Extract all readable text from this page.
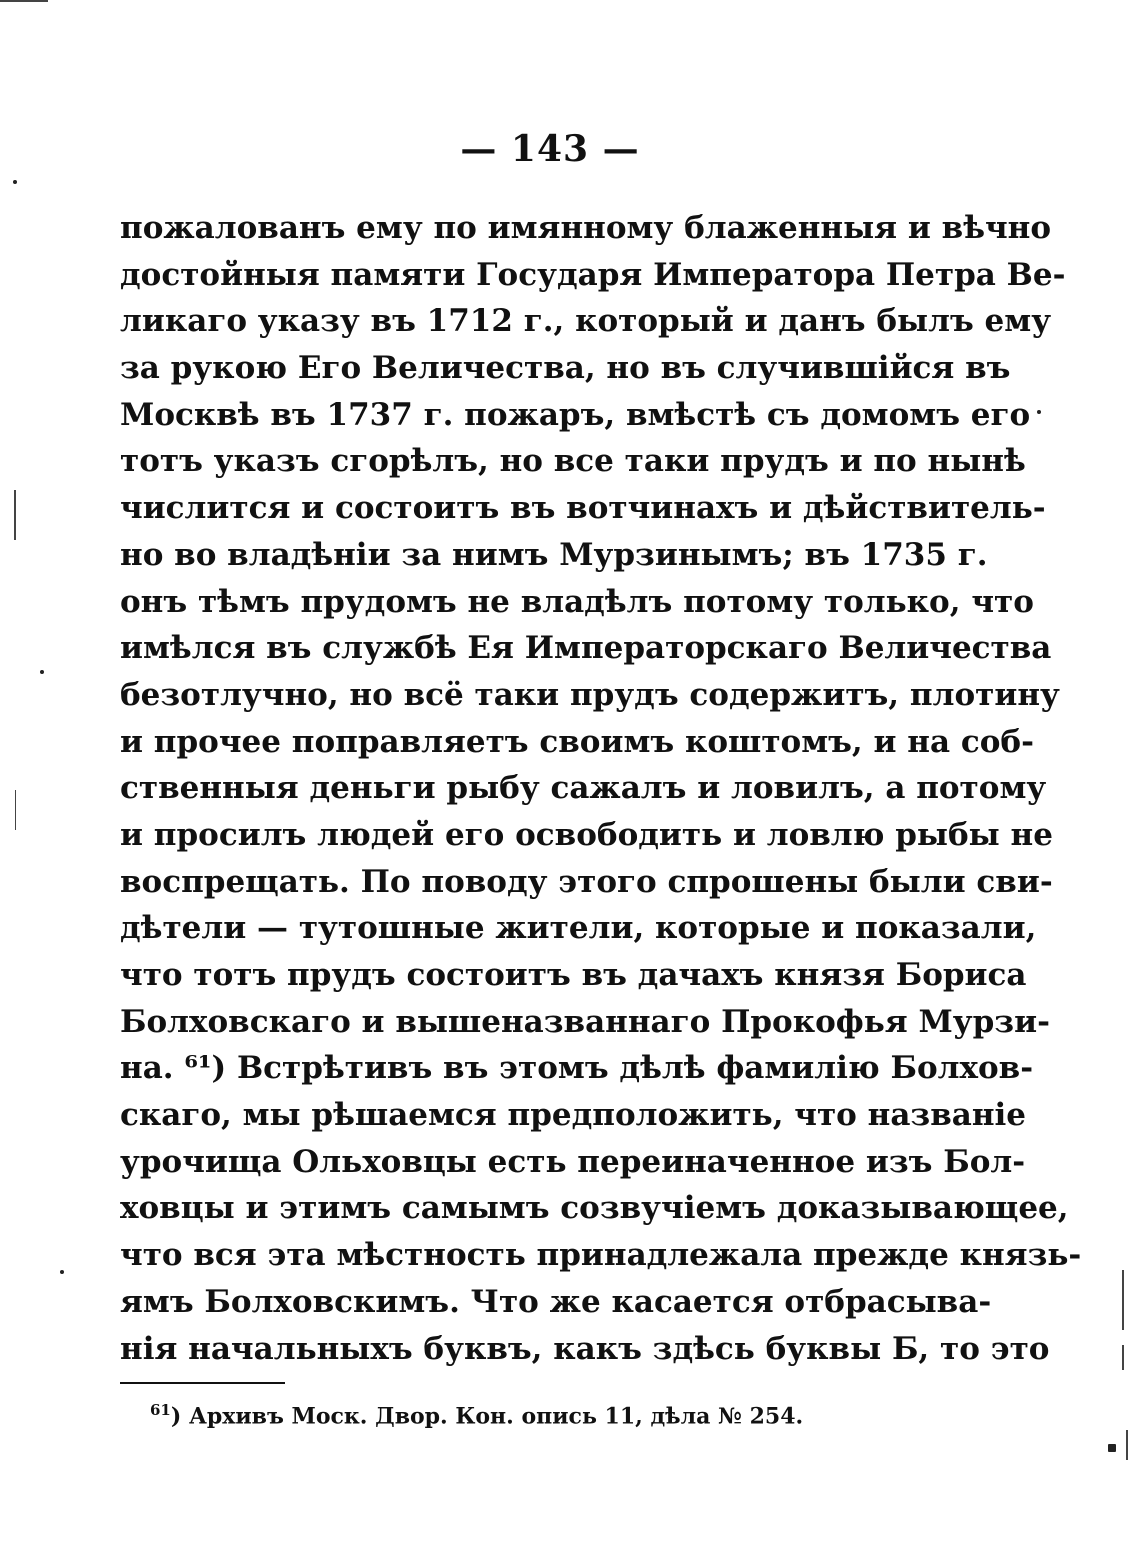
— 143 —
пожалованъ ему по имянному блаженныя и вѣчно
достойныя памяти Государя Императора Петра Ве-
ликаго указу въ 1712 г., который и данъ былъ ему
за рукою Его Величества, но въ случившiйся въ
Москвѣ въ 1737 г. пожаръ, вмѣстѣ съ домомъ его
тотъ указъ сгорѣлъ, но все таки прудъ и по нынѣ
числится и состоитъ въ вотчинахъ и дѣйствитель-
но во владѣнiи за нимъ Мурзинымъ; въ 1735 г.
онъ тѣмъ прудомъ не владѣлъ потому только, что
имѣлся въ службѣ Ея Императорскаго Величества
безотлучно, но всё таки прудъ содержитъ, плотину
и прочее поправляетъ своимъ коштомъ, и на соб-
ственныя деньги рыбу сажалъ и ловилъ, а потому
и просилъ людей его освободить и ловлю рыбы не
воспрещать. По поводу этого спрошены были сви-
дѣтели — тутошные жители, которые и показали,
что тотъ прудъ состоитъ въ дачахъ князя Бориса
Болховскаго и вышеназваннаго Прокофья Мурзи-
на. ⁶¹) Встрѣтивъ въ этомъ дѣлѣ фамилiю Болхов-
скаго, мы рѣшаемся предположить, что названiе
урочища Ольховцы есть переиначенное изъ Бол-
ховцы и этимъ самымъ созвучiемъ доказывающее,
что вся эта мѣстность принадлежала прежде князь-
ямъ Болховскимъ. Что же касается отбрасыва-
нiя начальныхъ буквъ, какъ здѣсь буквы Б, то это
$^{61}$) Архивъ Моск. Двор. Кон. опись 11, дѣла № 254.
